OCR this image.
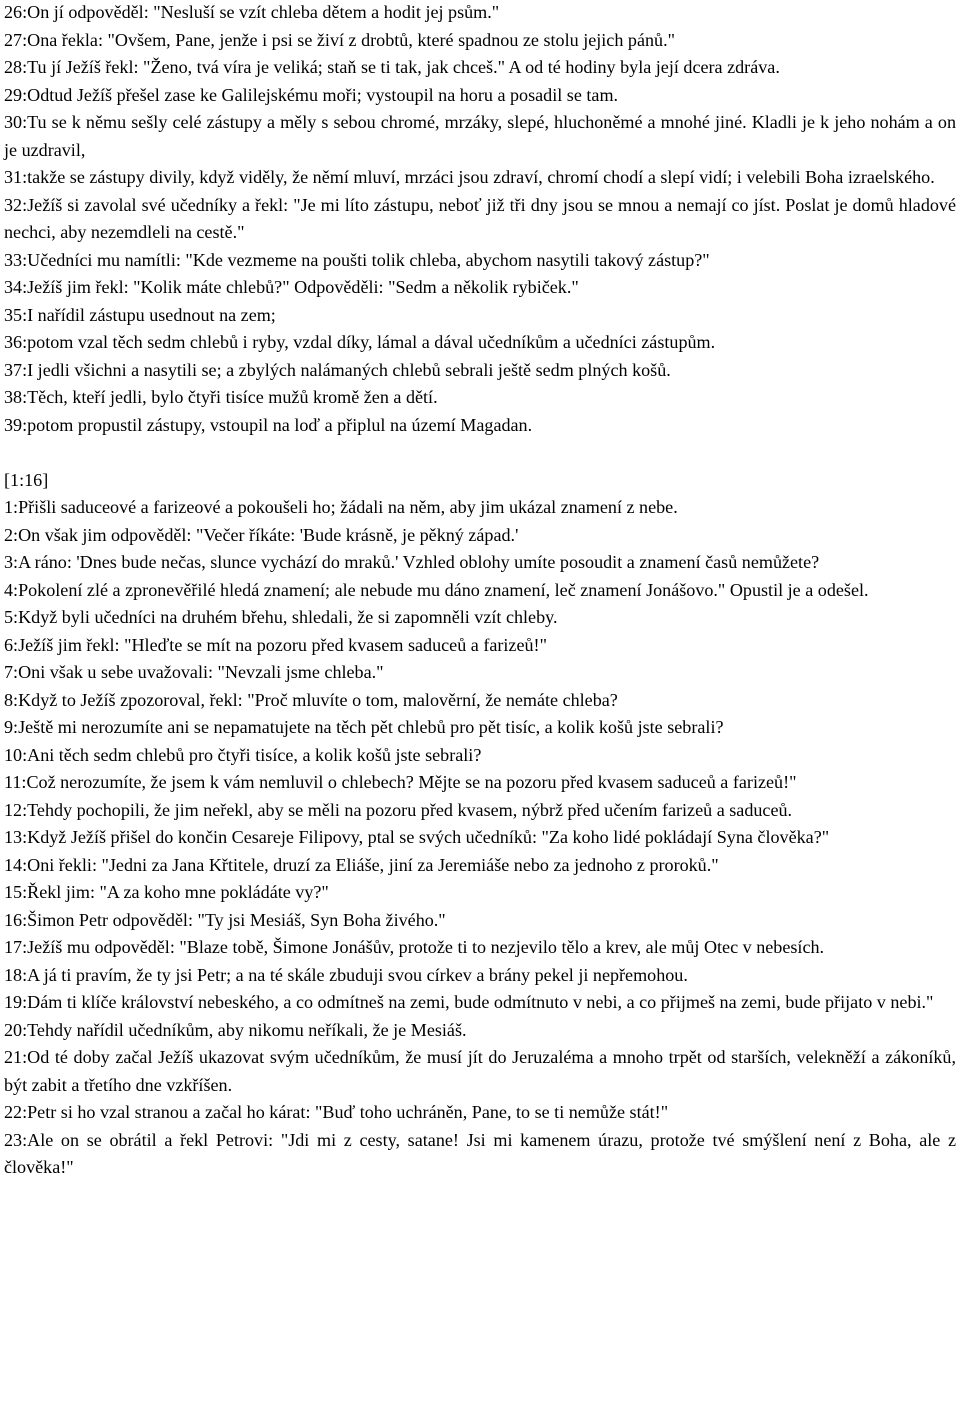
26:On jí odpověděl: "Nesluší se vzít chleba dětem a hodit jej psům."

27:Ona řekla: "Ovšem, Pane, jenže i psi se živí z drobtů, které spadnou ze stolu jejich pánů."

28:Tu jí Ježíš řekl: "Ženo, tvá víra je veliká; staň se ti tak, jak chceš." A od té hodiny byla její dcera zdráva.

29:Odtud Ježíš přešel zase ke Galilejskému moři; vystoupil na horu a posadil se tam.

30:Tu se k němu sešly celé zástupy a měly s sebou chromé, mrzáky, slepé, hluchoněmé a mnohé jiné. Kladli je k jeho nohám a on je uzdravil,

31:takže se zástupy divily, když viděly, že němí mluví, mrzáci jsou zdraví, chromí chodí a slepí vidí; i velebili Boha izraelského.

32:Ježíš si zavolal své učedníky a řekl: "Je mi líto zástupu, neboť již tři dny jsou se mnou a nemají co jíst. Poslat je domů hladové nechci, aby nezemdleli na cestě."

33:Učedníci mu namítli: "Kde vezmeme na poušti tolik chleba, abychom nasytili takový zástup?"

34:Ježíš jim řekl: "Kolik máte chlebů?" Odpověděli: "Sedm a několik rybiček."

35:I nařídil zástupu usednout na zem;

36:potom vzal těch sedm chlebů i ryby, vzdal díky, lámal a dával učedníkům a učedníci zástupům.

37:I jedli všichni a nasytili se; a zbylých nalámaných chlebů sebrali ještě sedm plných košů.

38:Těch, kteří jedli, bylo čtyři tisíce mužů kromě žen a dětí.

39:potom propustil zástupy, vstoupil na loď a připlul na území Magadan.

[1:16]

1:Přišli saduceové a farizeové a pokoušeli ho; žádali na něm, aby jim ukázal znamení z nebe.

2:On však jim odpověděl: "Večer říkáte: 'Bude krásně, je pěkný západ.'

3:A ráno: 'Dnes bude nečas, slunce vychází do mraků.' Vzhled oblohy umíte posoudit a znamení časů nemůžete?

4:Pokolení zlé a zpronevěřilé hledá znamení; ale nebude mu dáno znamení, leč znamení Jonášovo." Opustil je a odešel.

5:Když byli učedníci na druhém břehu, shledali, že si zapomněli vzít chleby.

6:Ježíš jim řekl: "Hleďte se mít na pozoru před kvasem saduceů a farizeů!"

7:Oni však u sebe uvažovali: "Nevzali jsme chleba."

8:Když to Ježíš zpozoroval, řekl: "Proč mluvíte o tom, malověrní, že nemáte chleba?

9:Ještě mi nerozumíte ani se nepamatujete na těch pět chlebů pro pět tisíc, a kolik košů jste sebrali?

10:Ani těch sedm chlebů pro čtyři tisíce, a kolik košů jste sebrali?

11:Což nerozumíte, že jsem k vám nemluvil o chlebech? Mějte se na pozoru před kvasem saduceů a farizeů!"

12:Tehdy pochopili, že jim neřekl, aby se měli na pozoru před kvasem, nýbrž před učením farizeů a saduceů.

13:Když Ježíš přišel do končin Cesareje Filipovy, ptal se svých učedníků: "Za koho lidé pokládají Syna člověka?"

14:Oni řekli: "Jedni za Jana Křtitele, druzí za Eliáše, jiní za Jeremiáše nebo za jednoho z proroků."

15:Řekl jim: "A za koho mne pokládáte vy?"

16:Šimon Petr odpověděl: "Ty jsi Mesiáš, Syn Boha živého."

17:Ježíš mu odpověděl: "Blaze tobě, Šimone Jonášův, protože ti to nezjevilo tělo a krev, ale můj Otec v nebesích.

18:A já ti pravím, že ty jsi Petr; a na té skále zbuduji svou církev a brány pekel ji nepřemohou.

19:Dám ti klíče království nebeského, a co odmítneš na zemi, bude odmítnuto v nebi, a co přijmeš na zemi, bude přijato v nebi."

20:Tehdy nařídil učedníkům, aby nikomu neříkali, že je Mesiáš.

21:Od té doby začal Ježíš ukazovat svým učedníkům, že musí jít do Jeruzaléma a mnoho trpět od starších, velekněží a zákoníků, být zabit a třetího dne vzkříšen.

22:Petr si ho vzal stranou a začal ho kárat: "Buď toho uchráněn, Pane, to se ti nemůže stát!"

23:Ale on se obrátil a řekl Petrovi: "Jdi mi z cesty, satane! Jsi mi kamenem úrazu, protože tvé smýšlení není z Boha, ale z člověka!"
